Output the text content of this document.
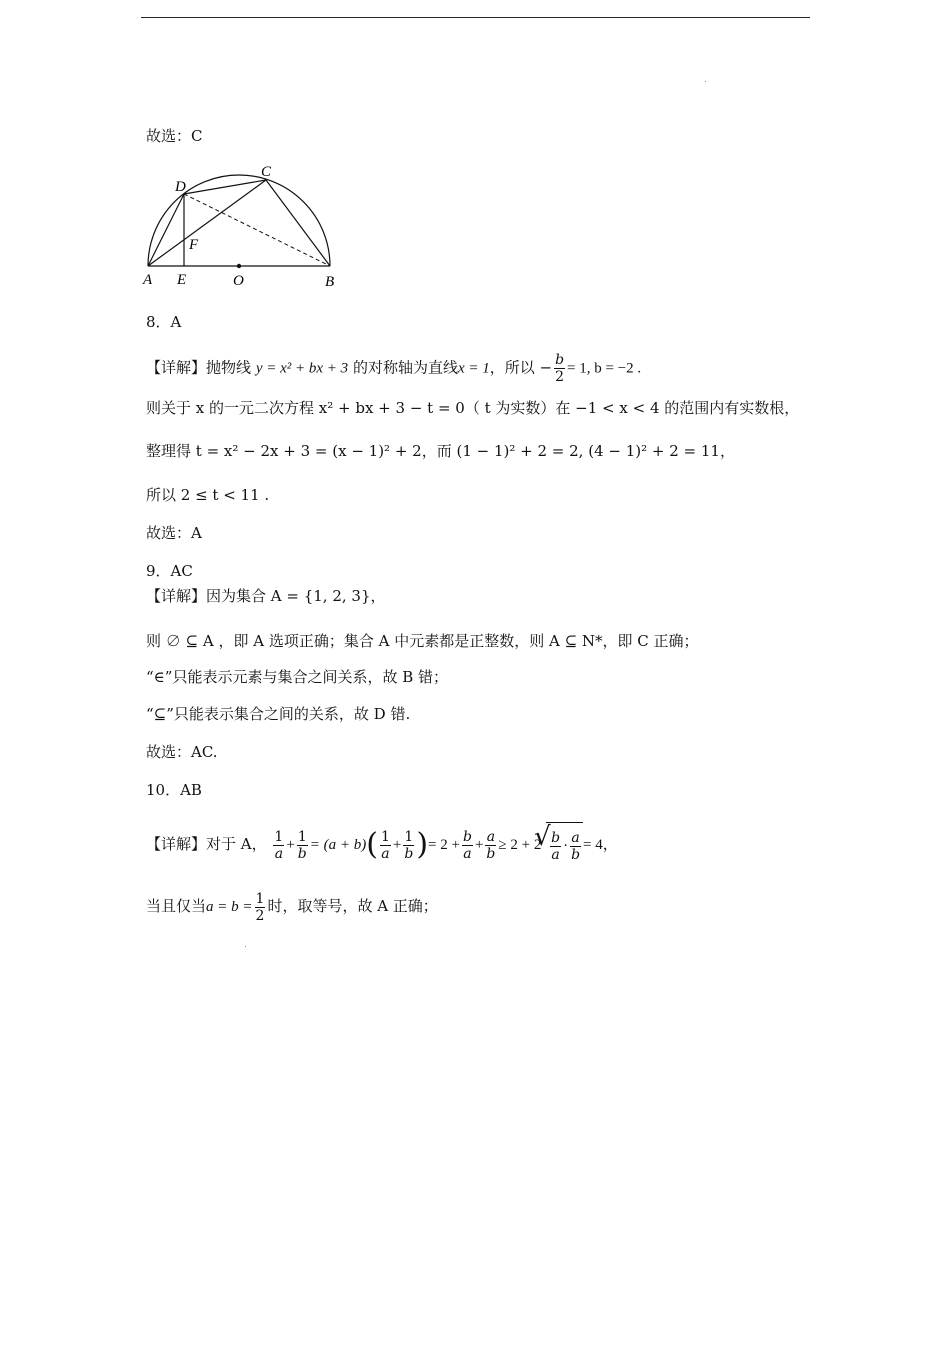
故选：C
D
C
F
A E	O	B
8．A
【详解】抛物线 y = x² + bx + 3 的对称轴为直线x = 1，所以 − $\frac{b}{2} = 1$, b = −2 .
则关于 x 的一元二次方程 x² + bx + 3 − t = 0（ t 为实数）在 −1 < x < 4 的范围内有实数根，
整理得 t = x² − 2x + 3 = (x − 1)² + 2，而 (1 − 1)² + 2 = 2, (4 − 1)² + 2 = 11，
所以 2 ≤ t < 11 .
故选：A
9．AC
【详解】因为集合 A = {1, 2, 3}，
则 ∅ ⊆ A ，即 A 选项正确；集合 A 中元素都是正整数，则 A ⊆ N*，即 C 正确；
“∈”只能表示元素与集合之间关系，故 B 错；
“⊆”只能表示集合之间的关系，故 D 错.
故选：AC.
10．AB
【详解】对于 A， $\frac{1}{a} + \frac{1}{b} = (a + b)( \frac{1}{a} + \frac{1}{b}$ )= $2 + \frac{b}{a} + \frac{a}{b} \ge 2 + 2$
√ $\frac{b}{a} \cdot \frac{a}{b} = 4$，
当且仅当$a = b = \frac{1}{2}$ 时，取等号，故 A 正确；
